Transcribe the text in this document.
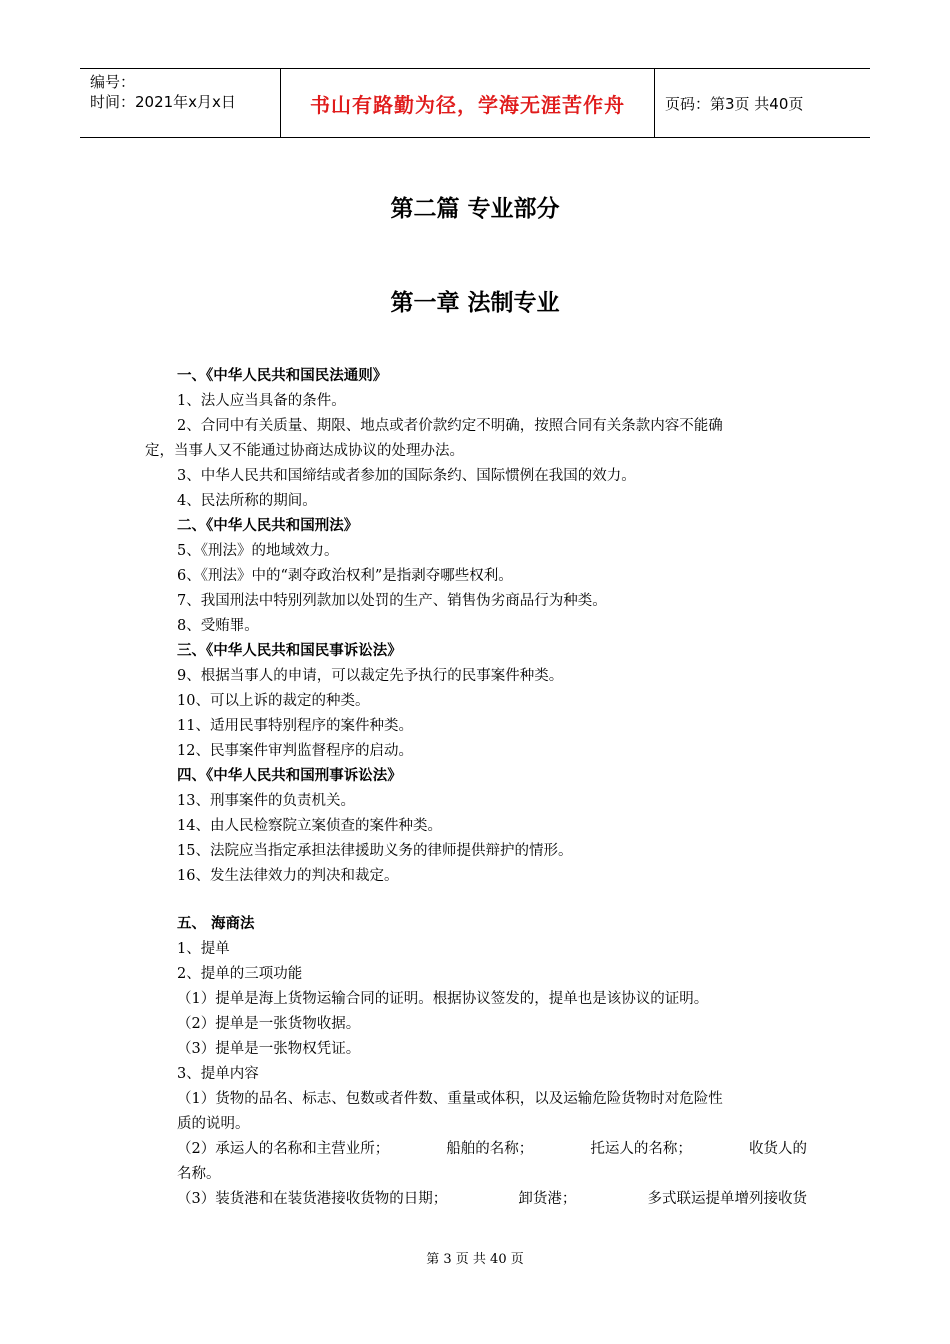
编号：
时间：2021年x月x日	书山有路勤为径，学海无涯苦作舟	页码：第3页 共40页
第二篇 专业部分
第一章 法制专业
一、《中华人民共和国民法通则》
1、法人应当具备的条件。
2、合同中有关质量、期限、地点或者价款约定不明确，按照合同有关条款内容不能确
定，当事人又不能通过协商达成协议的处理办法。
3、中华人民共和国缔结或者参加的国际条约、国际惯例在我国的效力。
4、民法所称的期间。
二、《中华人民共和国刑法》
5、《刑法》的地域效力。
6、《刑法》中的“剥夺政治权利”是指剥夺哪些权利。
7、我国刑法中特别列款加以处罚的生产、销售伪劣商品行为种类。
8、受贿罪。
三、《中华人民共和国民事诉讼法》
9、根据当事人的申请，可以裁定先予执行的民事案件种类。
10、可以上诉的裁定的种类。
11、适用民事特别程序的案件种类。
12、民事案件审判监督程序的启动。
四、《中华人民共和国刑事诉讼法》
13、刑事案件的负责机关。
14、由人民检察院立案侦查的案件种类。
15、法院应当指定承担法律援助义务的律师提供辩护的情形。
16、发生法律效力的判决和裁定。
五、 海商法
1、提单
2、提单的三项功能
（1）提单是海上货物运输合同的证明。根据协议签发的，提单也是该协议的证明。
（2）提单是一张货物收据。
（3）提单是一张物权凭证。
3、提单内容
（1）货物的品名、标志、包数或者件数、重量或体积，以及运输危险货物时对危险性
质的说明。
（2）承运人的名称和主营业所；	船舶的名称；	托运人的名称；	收货人的
名称。
（3）装货港和在装货港接收货物的日期；	卸货港；	多式联运提单增列接收货
第 3 页 共 40 页
